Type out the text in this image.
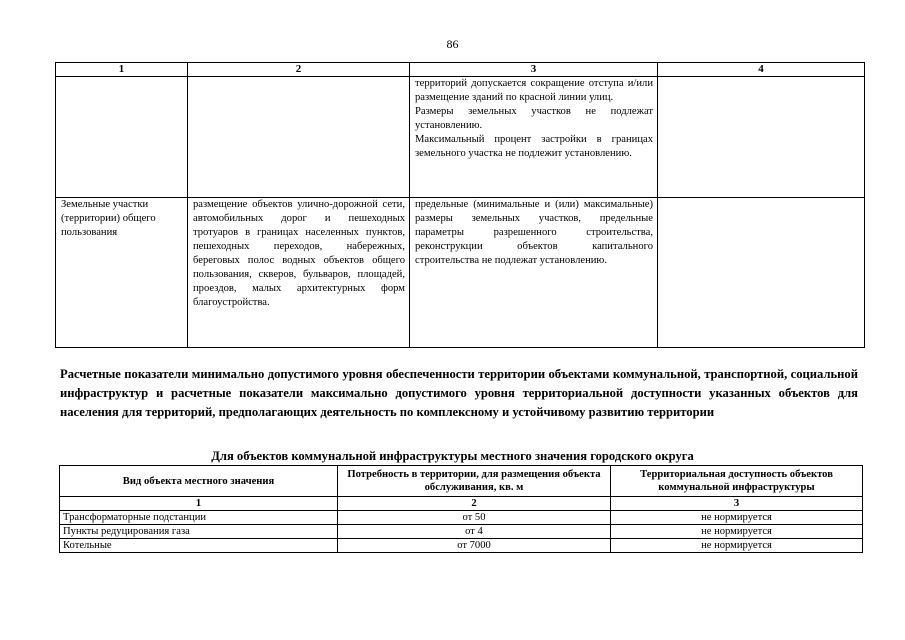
86
1	2	3	4

		территорий допускается сокращение отступа и/или размещение зданий по красной линии улиц.

Размеры земельных участков не подлежат установлению.

Максимальный процент застройки в границах земельного участка не подлежит установлению.	

Земельные участки (территории) общего пользования	размещение объектов улично-дорожной сети, автомобильных дорог и пешеходных тротуаров в границах населенных пунктов, пешеходных переходов, набережных, береговых полос водных объектов общего пользования, скверов, бульваров, площадей, проездов, малых архитектурных форм благоустройства.	предельные (минимальные и (или) максимальные) размеры земельных участков, предельные параметры разрешенного строительства, реконструкции объектов капитального строительства не подлежат установлению.	

Расчетные показатели минимально допустимого уровня обеспеченности территории объектами коммунальной, транспортной, социальной инфраструктур и расчетные показатели максимально допустимого уровня территориальной доступности указанных объектов для населения для территорий, предполагающих деятельность по комплексному и устойчивому развитию территории

Для объектов коммунальной инфраструктуры местного значения городского округа

Вид объекта местного значения	Потребность в территории, для размещения объекта обслуживания, кв. м	Территориальная доступность объектов коммунальной инфраструктуры
1	2	3
Трансформаторные подстанции	от 50	не нормируется
Пункты редуцирования газа	от 4	не нормируется
Котельные	от 7000	не нормируется
